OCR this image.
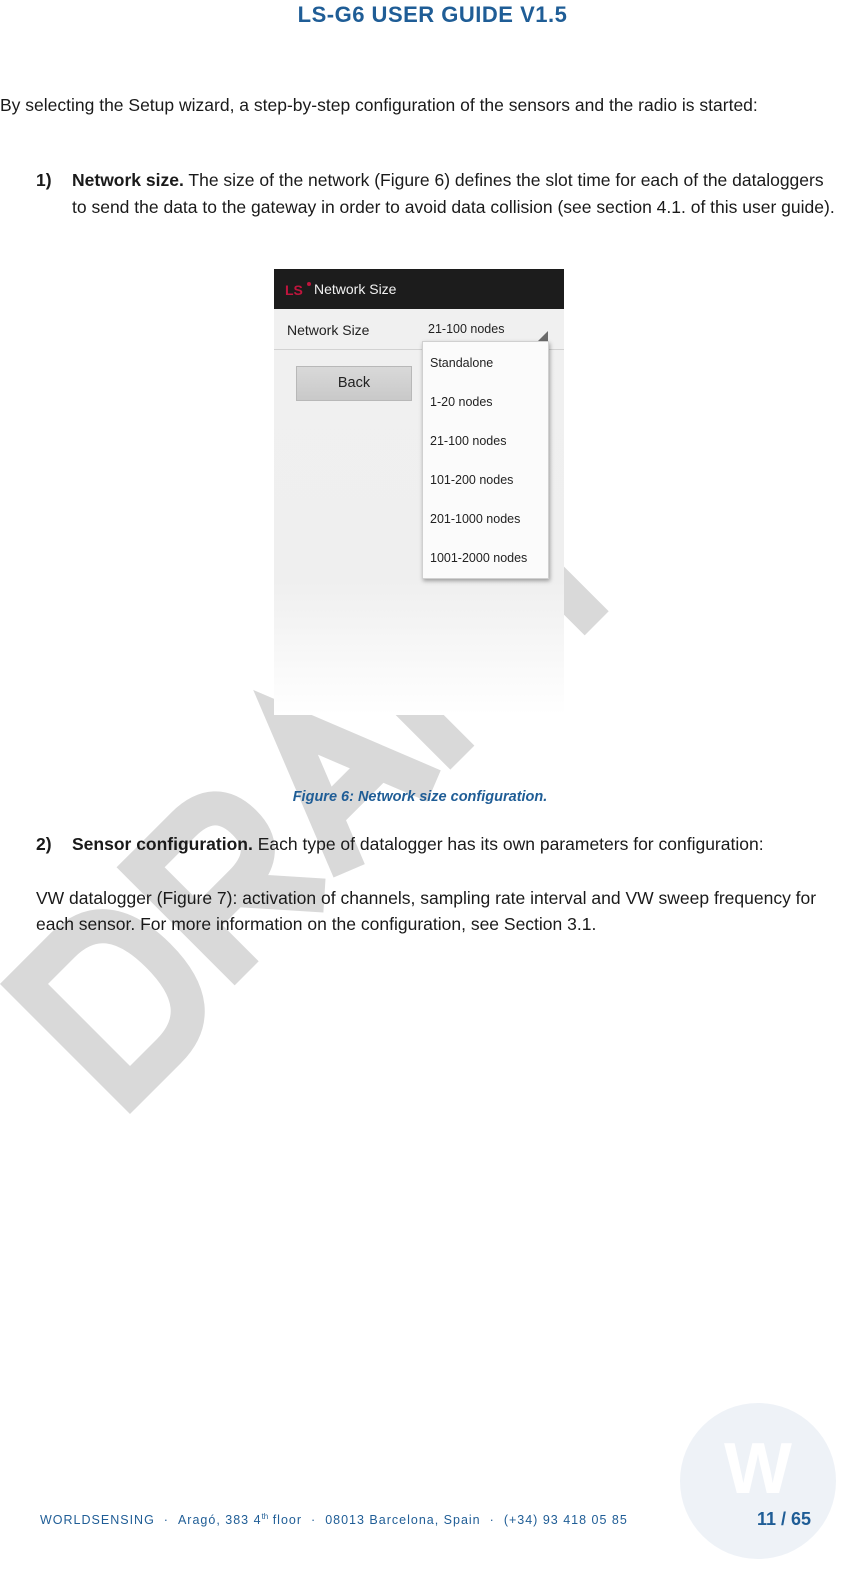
LS-G6 USER GUIDE V1.5
By selecting the Setup wizard, a step-by-step configuration of the sensors and the radio is started:
1) Network size. The size of the network (Figure 6) defines the slot time for each of the dataloggers to send the data to the gateway in order to avoid data collision (see section 4.1. of this user guide).
LS Network Size
Network Size	21-100 nodes
Back
Standalone
1-20 nodes
21-100 nodes
101-200 nodes
201-1000 nodes
1001-2000 nodes
Figure 6: Network size configuration.
2) Sensor configuration. Each type of datalogger has its own parameters for configuration:
VW datalogger (Figure 7): activation of channels, sampling rate interval and VW sweep frequency for each sensor. For more information on the configuration, see Section 3.1.
W
WORLDSENSING · Aragó, 383 4th floor · 08013 Barcelona, Spain · (+34) 93 418 05 85	11 / 65
